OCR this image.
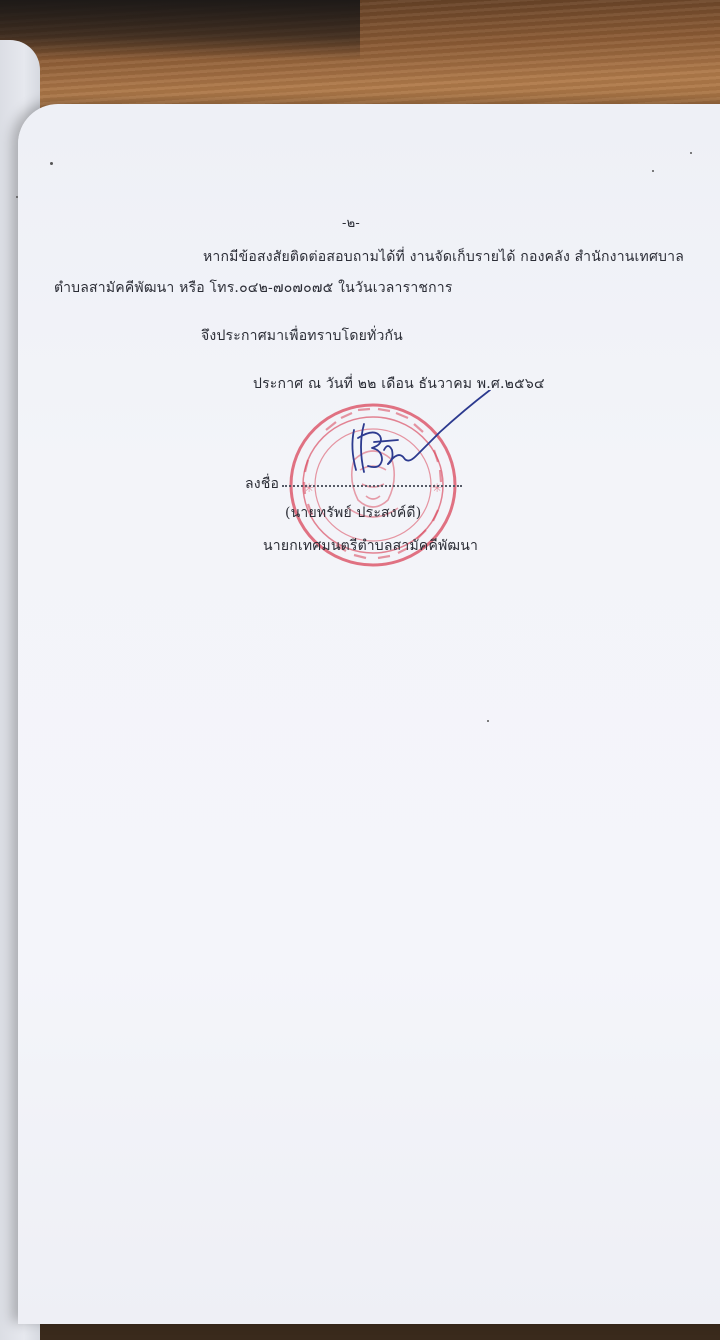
-๒-
หากมีข้อสงสัยติดต่อสอบถามได้ที่ งานจัดเก็บรายได้ กองคลัง สำนักงานเทศบาล
ตำบลสามัคคีพัฒนา หรือ โทร.๐๔๒-๗๐๗๐๗๕ ในวันเวลาราชการ
จึงประกาศมาเพื่อทราบโดยทั่วกัน
ประกาศ ณ วันที่ ๒๒ เดือน ธันวาคม พ.ศ.๒๕๖๔
✳	✳
ลงชื่อ
(นายทรัพย์ ประสงค์ดี)
นายกเทศมนตรีตำบลสามัคคีพัฒนา
